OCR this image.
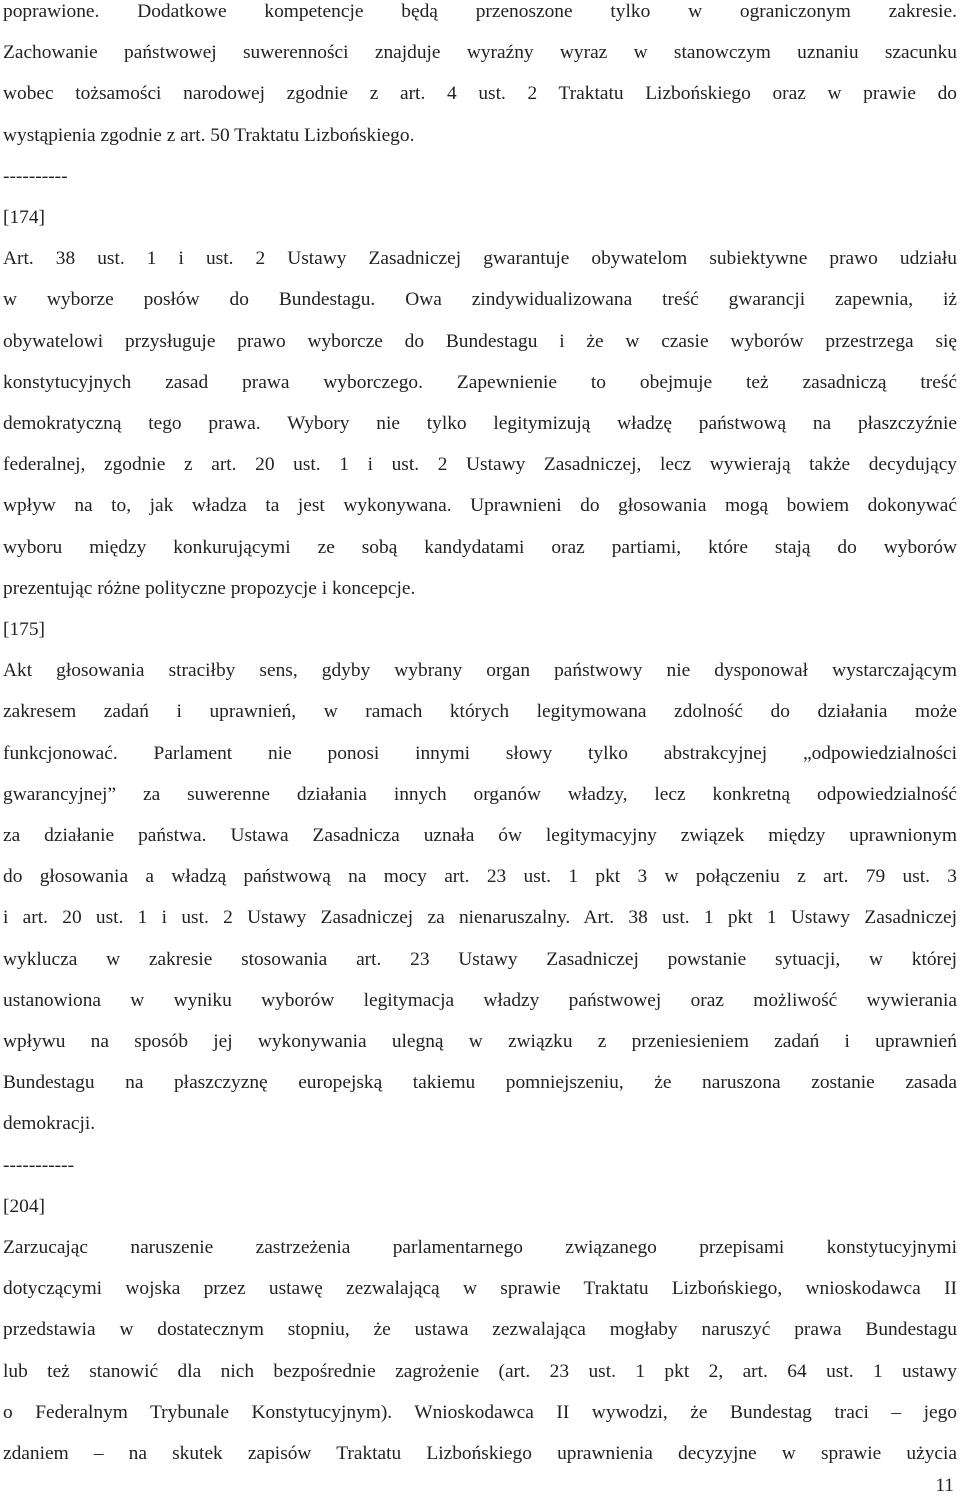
poprawione. Dodatkowe kompetencje będą przenoszone tylko w ograniczonym zakresie.
Zachowanie państwowej suwerenności znajduje wyraźny wyraz w stanowczym uznaniu szacunku
wobec tożsamości narodowej zgodnie z art. 4 ust. 2 Traktatu Lizbońskiego oraz w prawie do
wystąpienia zgodnie z art. 50 Traktatu Lizbońskiego.
----------
[174]
Art. 38 ust. 1 i ust. 2 Ustawy Zasadniczej gwarantuje obywatelom subiektywne prawo udziału
w wyborze posłów do Bundestagu. Owa zindywidualizowana treść gwarancji zapewnia, iż
obywatelowi przysługuje prawo wyborcze do Bundestagu i że w czasie wyborów przestrzega się
konstytucyjnych zasad prawa wyborczego. Zapewnienie to obejmuje też zasadniczą treść
demokratyczną tego prawa. Wybory nie tylko legitymizują władzę państwową na płaszczyźnie
federalnej, zgodnie z art. 20 ust. 1 i ust. 2 Ustawy Zasadniczej, lecz wywierają także decydujący
wpływ na to, jak władza ta jest wykonywana. Uprawnieni do głosowania mogą bowiem dokonywać
wyboru między konkurującymi ze sobą kandydatami oraz partiami, które stają do wyborów
prezentując różne polityczne propozycje i koncepcje.
[175]
Akt głosowania straciłby sens, gdyby wybrany organ państwowy nie dysponował wystarczającym
zakresem zadań i uprawnień, w ramach których legitymowana zdolność do działania może
funkcjonować. Parlament nie ponosi innymi słowy tylko abstrakcyjnej „odpowiedzialności
gwarancyjnej” za suwerenne działania innych organów władzy, lecz konkretną odpowiedzialność
za działanie państwa. Ustawa Zasadnicza uznała ów legitymacyjny związek między uprawnionym
do głosowania a władzą państwową na mocy art. 23 ust. 1 pkt 3 w połączeniu z art. 79 ust. 3
i art. 20 ust. 1 i ust. 2 Ustawy Zasadniczej za nienaruszalny. Art. 38 ust. 1 pkt 1 Ustawy Zasadniczej
wyklucza w zakresie stosowania art. 23 Ustawy Zasadniczej powstanie sytuacji, w której
ustanowiona w wyniku wyborów legitymacja władzy państwowej oraz możliwość wywierania
wpływu na sposób jej wykonywania ulegną w związku z przeniesieniem zadań i uprawnień
Bundestagu na płaszczyznę europejską takiemu pomniejszeniu, że naruszona zostanie zasada
demokracji.
-----------
[204]
Zarzucając naruszenie zastrzeżenia parlamentarnego związanego przepisami konstytucyjnymi
dotyczącymi wojska przez ustawę zezwalającą w sprawie Traktatu Lizbońskiego, wnioskodawca II
przedstawia w dostatecznym stopniu, że ustawa zezwalająca mogłaby naruszyć prawa Bundestagu
lub też stanowić dla nich bezpośrednie zagrożenie (art. 23 ust. 1 pkt 2, art. 64 ust. 1 ustawy
o Federalnym Trybunale Konstytucyjnym). Wnioskodawca II wywodzi, że Bundestag traci – jego
zdaniem – na skutek zapisów Traktatu Lizbońskiego uprawnienia decyzyjne w sprawie użycia
11
